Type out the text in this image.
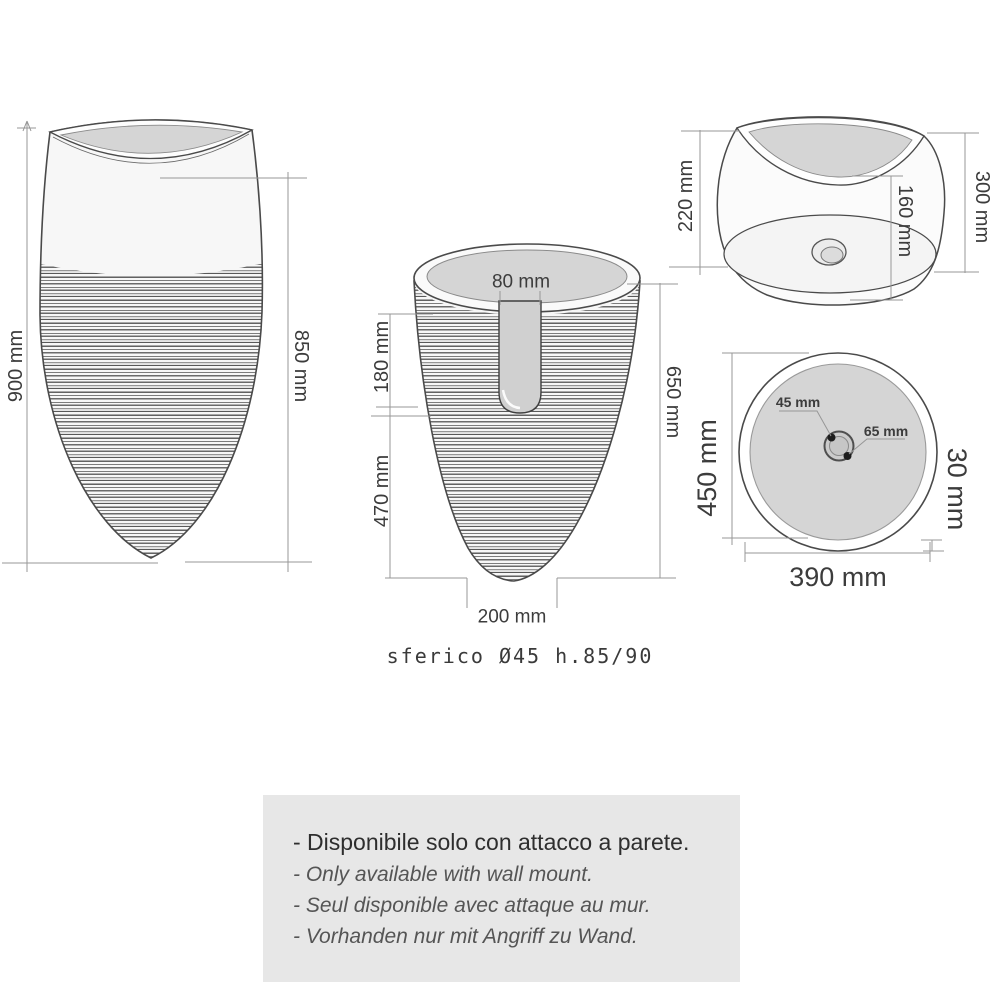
900 mm	850 mm
80 mm
180 mm
470 mm
650 mm
200 mm
220 mm	160 mm	300 mm
45 mm
65 mm
450 mm
390 mm
30 mm
sferico Ø45 h.85/90
- Disponibile solo con attacco a parete.
- Only available with wall mount.
- Seul disponible avec attaque au mur.
- Vorhanden nur mit Angriff zu Wand.
